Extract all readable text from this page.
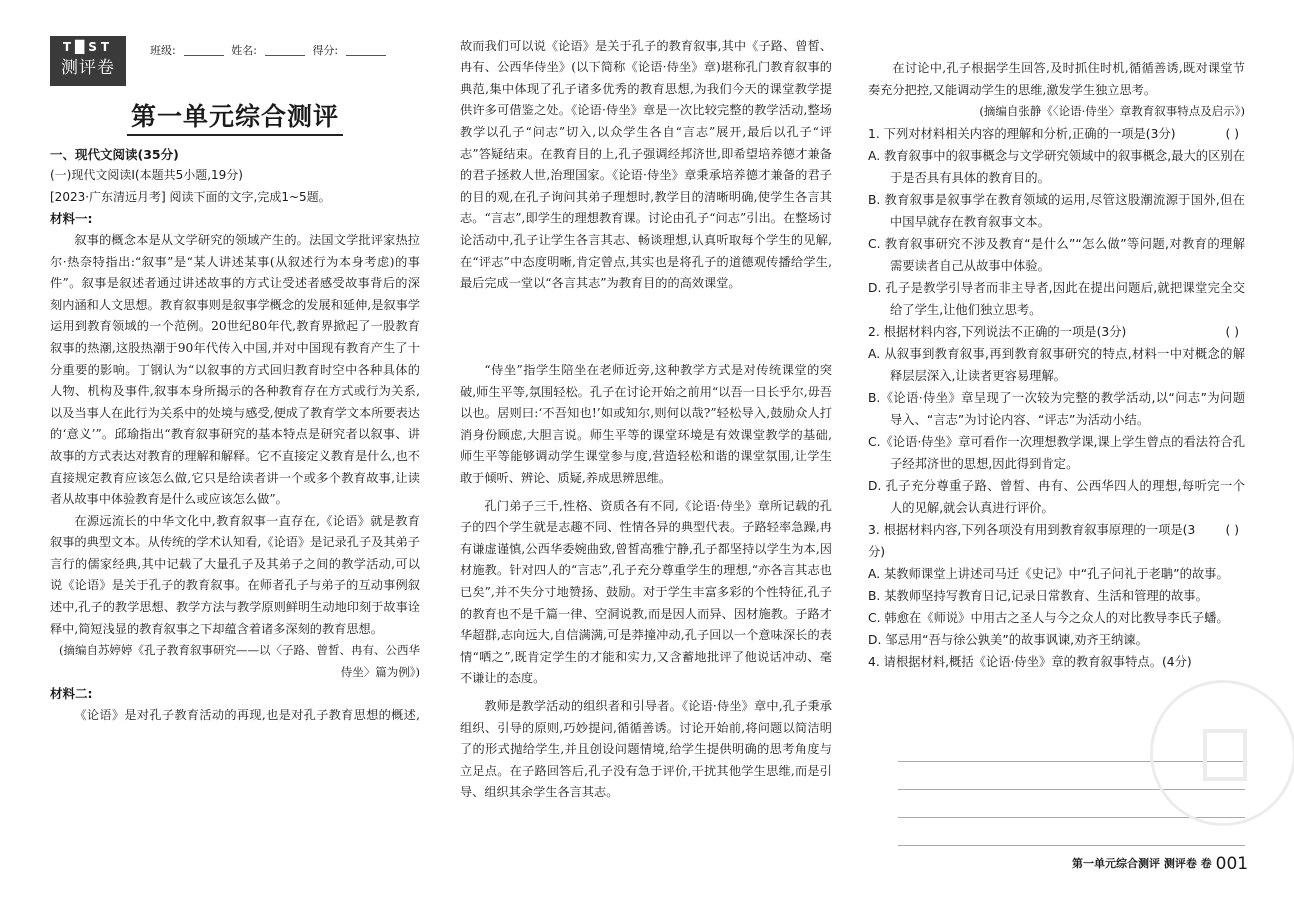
T█ST
测评卷
班级:	姓名:	得分:
第一单元综合测评

一、现代文阅读(35分)

(一)现代文阅读Ⅰ(本题共5小题,19分)

[2023·广东清远月考] 阅读下面的文字,完成1~5题。

材料一:

叙事的概念本是从文学研究的领域产生的。法国文学批评家热拉尔·热奈特指出:“叙事”是“某人讲述某事(从叙述行为本身考虑)的事件”。叙事是叙述者通过讲述故事的方式让受述者感受故事背后的深刻内涵和人文思想。教育叙事则是叙事学概念的发展和延伸,是叙事学运用到教育领域的一个范例。20世纪80年代,教育界掀起了一股教育叙事的热潮,这股热潮于90年代传入中国,并对中国现有教育产生了十分重要的影响。丁钢认为“以叙事的方式回归教育时空中各种具体的人物、机构及事件,叙事本身所揭示的各种教育存在方式或行为关系,以及当事人在此行为关系中的处境与感受,便成了教育学文本所要表达的‘意义’”。邱瑜指出“教育叙事研究的基本特点是研究者以叙事、讲故事的方式表达对教育的理解和解释。它不直接定义教育是什么,也不直接规定教育应该怎么做,它只是给读者讲一个或多个教育故事,让读者从故事中体验教育是什么或应该怎么做”。

在源远流长的中华文化中,教育叙事一直存在,《论语》就是教育叙事的典型文本。从传统的学术认知看,《论语》是记录孔子及其弟子言行的儒家经典,其中记载了大量孔子及其弟子之间的教学活动,可以说《论语》是关于孔子的教育叙事。在师者孔子与弟子的互动事例叙述中,孔子的教学思想、教学方法与教学原则鲜明生动地印刻于故事诠释中,简短浅显的教育叙事之下却蕴含着诸多深刻的教育思想。

(摘编自苏婷婷《孔子教育叙事研究——以〈子路、曾皙、冉有、公西华侍坐〉篇为例》)

材料二:

《论语》是对孔子教育活动的再现,也是对孔子教育思想的概述,

故而我们可以说《论语》是关于孔子的教育叙事,其中《子路、曾皙、冉有、公西华侍坐》(以下简称《论语·侍坐》章)堪称孔门教育叙事的典范,集中体现了孔子诸多优秀的教育思想,为我们今天的课堂教学提供许多可借鉴之处。《论语·侍坐》章是一次比较完整的教学活动,整场教学以孔子“问志”切入,以众学生各自“言志”展开,最后以孔子“评志”答疑结束。在教育目的上,孔子强调经邦济世,即希望培养德才兼备的君子拯救人世,治理国家。《论语·侍坐》章秉承培养德才兼备的君子的目的观,在孔子询问其弟子理想时,教学目的清晰明确,使学生各言其志。“言志”,即学生的理想教育课。讨论由孔子“问志”引出。在整场讨论活动中,孔子让学生各言其志、畅谈理想,认真听取每个学生的见解,在“评志”中态度明晰,肯定曾点,其实也是将孔子的道德观传播给学生,最后完成一堂以“各言其志”为教育目的的高效课堂。

“侍坐”指学生陪坐在老师近旁,这种教学方式是对传统课堂的突破,师生平等,氛围轻松。孔子在讨论开始之前用“以吾一日长乎尔,毋吾以也。居则曰:‘不吾知也!’如或知尔,则何以哉?”轻松导入,鼓励众人打消身份顾虑,大胆言说。师生平等的课堂环境是有效课堂教学的基础,师生平等能够调动学生课堂参与度,营造轻松和谐的课堂氛围,让学生敢于倾听、辨论、质疑,养成思辨思维。

孔门弟子三千,性格、资质各有不同,《论语·侍坐》章所记载的孔子的四个学生就是志趣不同、性情各异的典型代表。子路轻率急躁,冉有谦虚谨慎,公西华委婉曲致,曾皙高雅宁静,孔子都坚持以学生为本,因材施教。针对四人的“言志”,孔子充分尊重学生的理想,“亦各言其志也已矣”,并不失分寸地赞扬、鼓励。对于学生丰富多彩的个性特征,孔子的教育也不是千篇一律、空洞说教,而是因人而异、因材施教。子路才华超群,志向远大,自信满满,可是莽撞冲动,孔子回以一个意味深长的表情“哂之”,既肯定学生的才能和实力,又含蓄地批评了他说话冲动、毫不谦让的态度。

教师是教学活动的组织者和引导者。《论语·侍坐》章中,孔子秉承组织、引导的原则,巧妙提问,循循善诱。讨论开始前,将问题以简洁明了的形式抛给学生,并且创设问题情境,给学生提供明确的思考角度与立足点。在子路回答后,孔子没有急于评价,干扰其他学生思维,而是引导、组织其余学生各言其志。

在讨论中,孔子根据学生回答,及时抓住时机,循循善诱,既对课堂节奏充分把控,又能调动学生的思维,激发学生独立思考。

(摘编自张静《〈论语·侍坐〉章教育叙事特点及启示》)

1. 下列对材料相关内容的理解和分析,正确的一项是(3分)	( )

A. 教育叙事中的叙事概念与文学研究领域中的叙事概念,最大的区别在于是否具有具体的教育目的。

B. 教育叙事是叙事学在教育领域的运用,尽管这股潮流源于国外,但在中国早就存在教育叙事文本。

C. 教育叙事研究不涉及教育“是什么”“怎么做”等问题,对教育的理解需要读者自己从故事中体验。

D. 孔子是教学引导者而非主导者,因此在提出问题后,就把课堂完全交给了学生,让他们独立思考。

2. 根据材料内容,下列说法不正确的一项是(3分)	( )

A. 从叙事到教育叙事,再到教育叙事研究的特点,材料一中对概念的解释层层深入,让读者更容易理解。

B.《论语·侍坐》章呈现了一次较为完整的教学活动,以“问志”为问题导入、“言志”为讨论内容、“评志”为活动小结。

C.《论语·侍坐》章可看作一次理想教学课,课上学生曾点的看法符合孔子经邦济世的思想,因此得到肯定。

D. 孔子充分尊重子路、曾皙、冉有、公西华四人的理想,每听完一个人的见解,就会认真进行评价。

3. 根据材料内容,下列各项没有用到教育叙事原理的一项是(3分)
( )

A. 某教师课堂上讲述司马迁《史记》中“孔子问礼于老聃”的故事。

B. 某教师坚持写教育日记,记录日常教育、生活和管理的故事。

C. 韩愈在《师说》中用古之圣人与今之众人的对比教导李氏子蟠。

D. 邹忌用“吾与徐公孰美”的故事讽谏,劝齐王纳谏。

4. 请根据材料,概括《论语·侍坐》章的教育叙事特点。(4分)

第一单元综合测评 测评卷 卷 001
